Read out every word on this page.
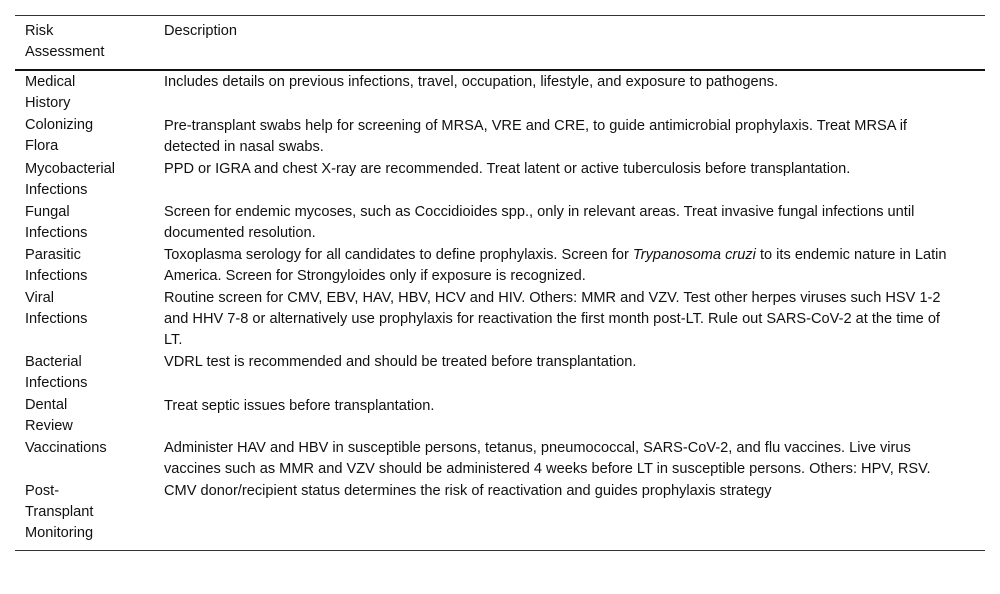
Risk Assessment
Description
Medical History
Includes details on previous infections, travel, occupation, lifestyle, and exposure to pathogens.
Colonizing Flora
Pre-transplant swabs help for screening of MRSA, VRE and CRE, to guide antimicrobial prophylaxis. Treat MRSA if detected in nasal swabs.
Mycobacterial Infections
PPD or IGRA and chest X-ray are recommended. Treat latent or active tuberculosis before transplantation.
Fungal Infections
Screen for endemic mycoses, such as Coccidioides spp., only in relevant areas. Treat invasive fungal infections until documented resolution.
Parasitic Infections
Toxoplasma serology for all candidates to define prophylaxis. Screen for Trypanosoma cruzi to its endemic nature in Latin America. Screen for Strongyloides only if exposure is recognized.
Viral Infections
Routine screen for CMV, EBV, HAV, HBV, HCV and HIV. Others: MMR and VZV. Test other herpes viruses such HSV 1-2 and HHV 7-8 or alternatively use prophylaxis for reactivation the first month post-LT. Rule out SARS-CoV-2 at the time of LT.
Bacterial Infections
VDRL test is recommended and should be treated before transplantation.
Dental Review
Treat septic issues before transplantation.
Vaccinations	Administer HAV and HBV in susceptible persons, tetanus, pneumococcal, SARS-CoV-2, and flu vaccines. Live virus vaccines such as MMR and VZV should be administered 4 weeks before LT in susceptible persons. Others: HPV, RSV.
Post-Transplant Monitoring
CMV donor/recipient status determines the risk of reactivation and guides prophylaxis strategy
